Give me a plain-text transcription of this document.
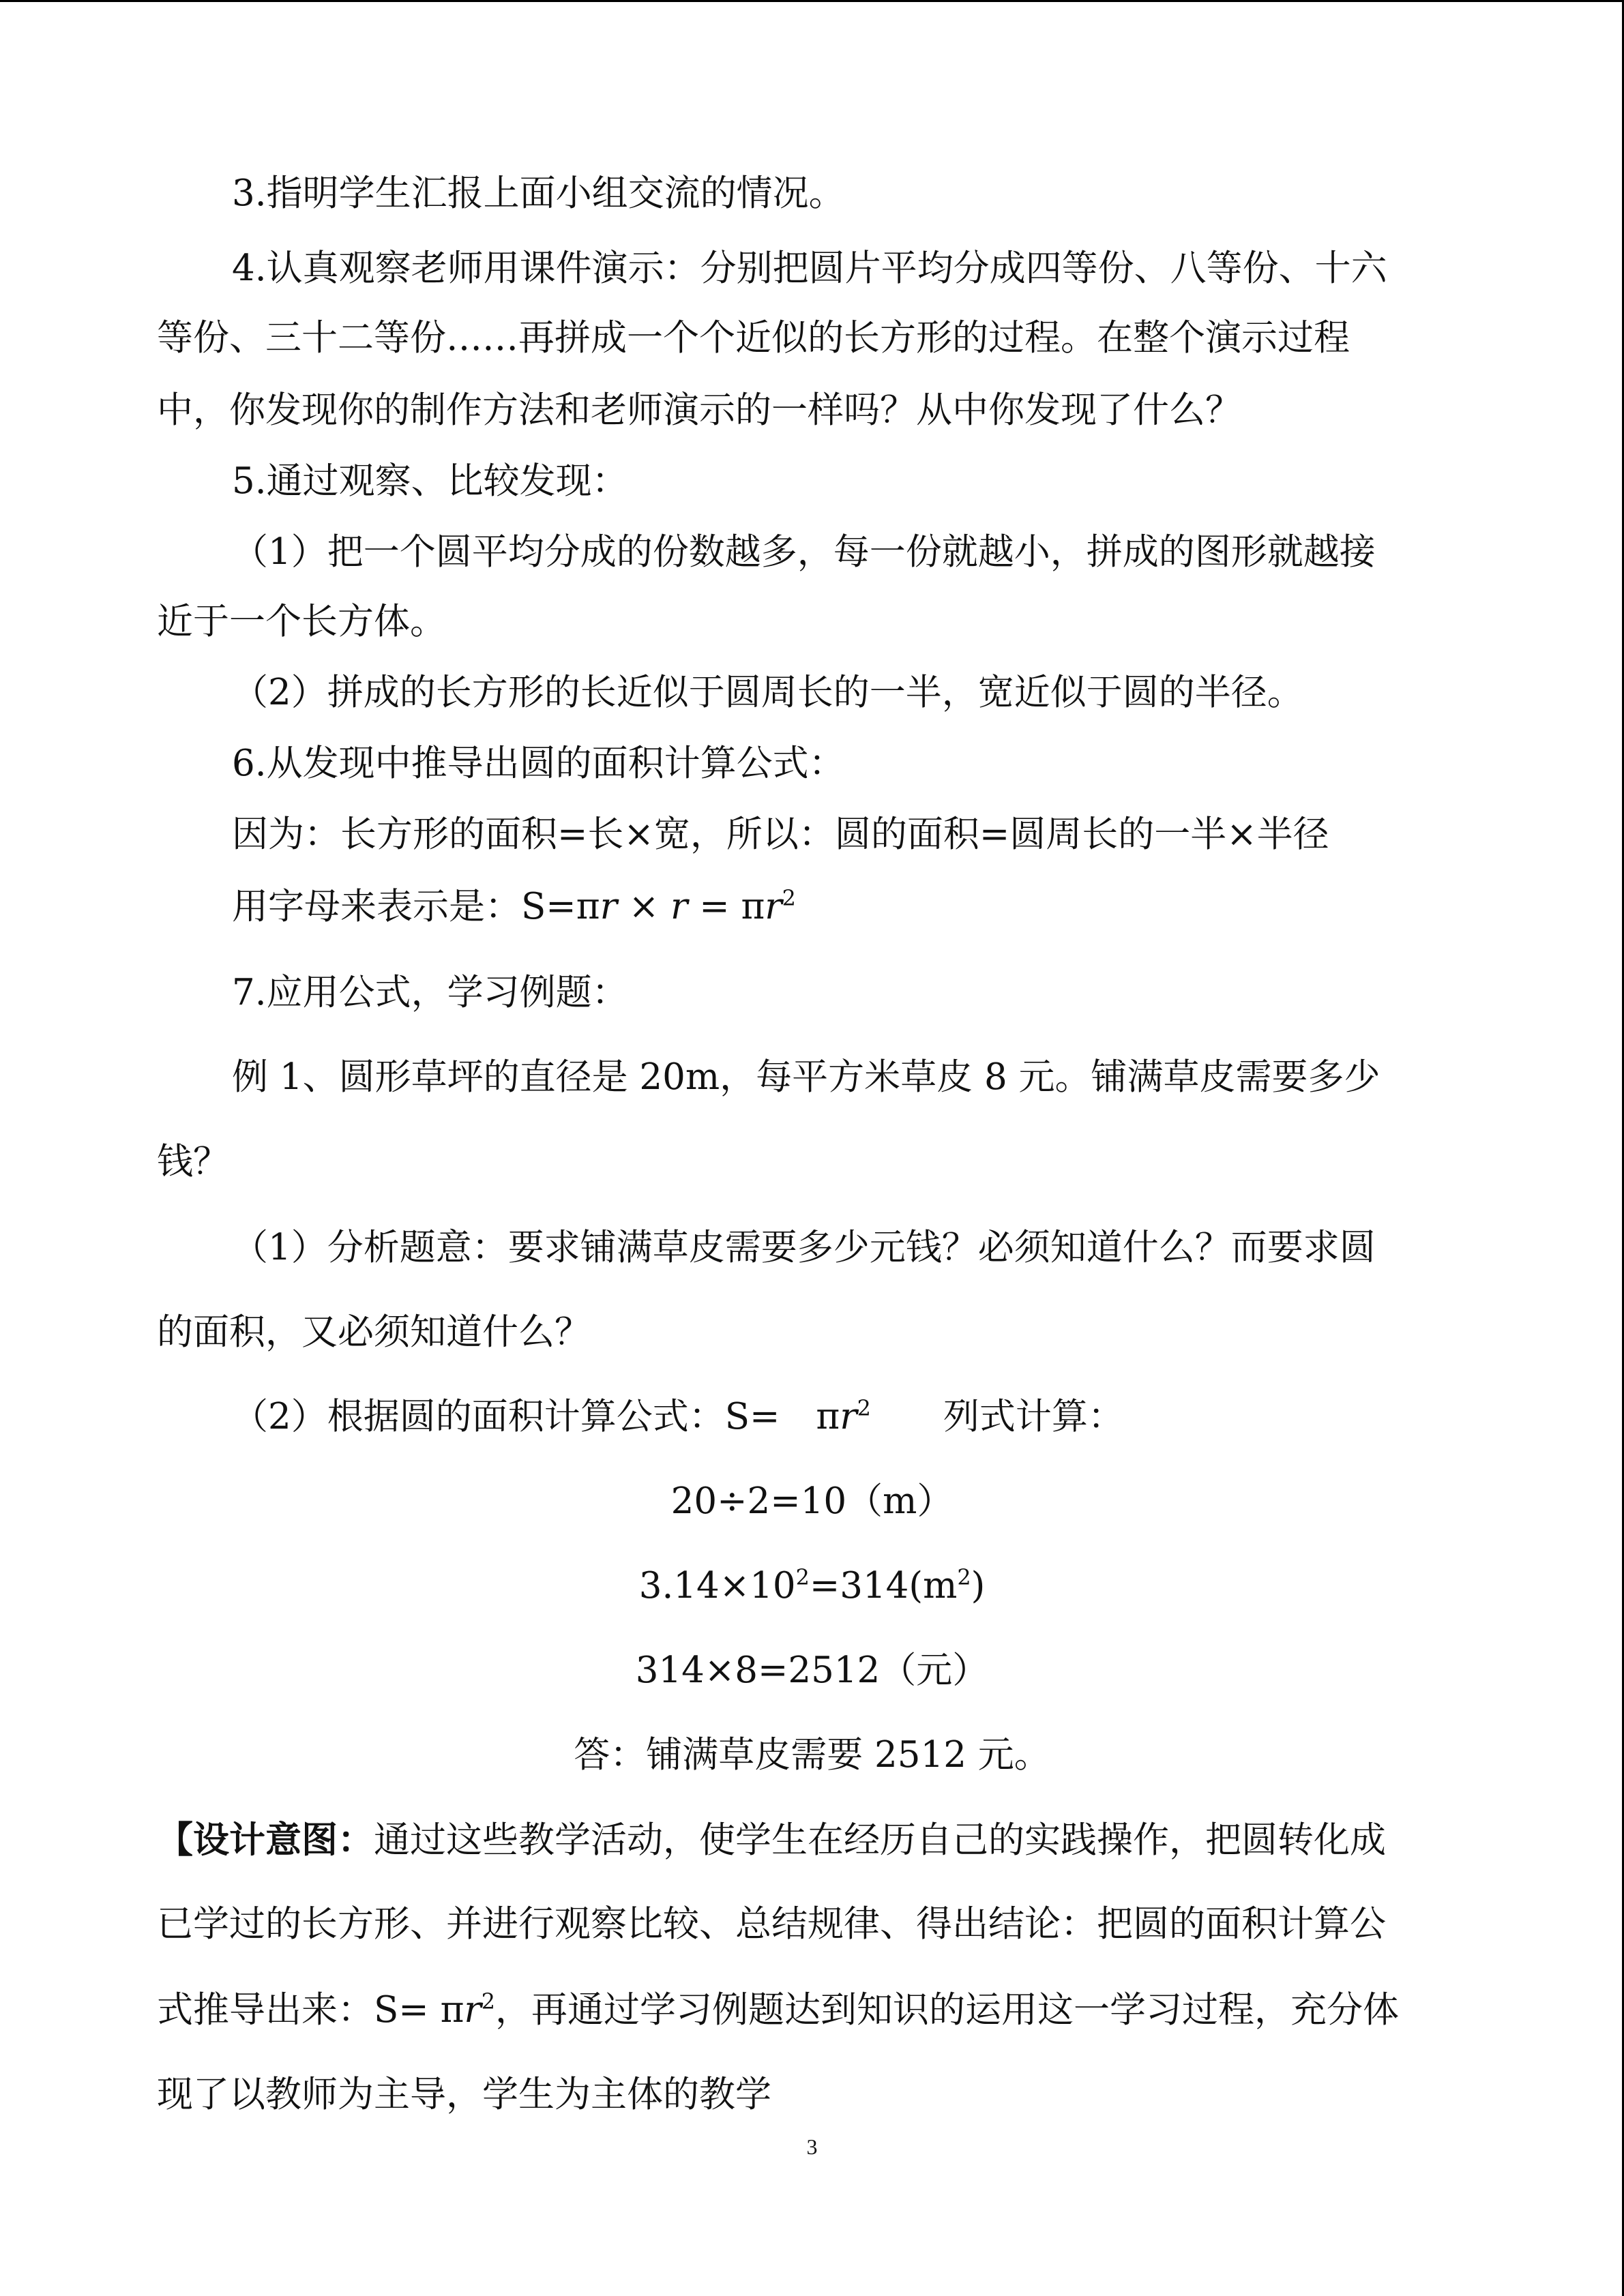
3.指明学生汇报上面小组交流的情况。
4.认真观察老师用课件演示：分别把圆片平均分成四等份、八等份、十六
等份、三十二等份……再拼成一个个近似的长方形的过程。在整个演示过程
中，你发现你的制作方法和老师演示的一样吗？从中你发现了什么？
5.通过观察、比较发现：
（1）把一个圆平均分成的份数越多，每一份就越小，拼成的图形就越接
近于一个长方体。
（2）拼成的长方形的长近似于圆周长的一半，宽近似于圆的半径。
6.从发现中推导出圆的面积计算公式：
因为：长方形的面积=长×宽，所以：圆的面积=圆周长的一半×半径
用字母来表示是：$S=\pi r \times r = \pi r^2$
7.应用公式，学习例题：
例 1、圆形草坪的直径是 20m，每平方米草皮 8 元。铺满草皮需要多少
钱？
（1）分析题意：要求铺满草皮需要多少元钱？必须知道什么？而要求圆
的面积，又必须知道什么？
（2）根据圆的面积计算公式：S=　$\pi r^2$　　列式计算：
20÷2=10（m）
$3.14\times 10^2=314(m^2)$
314×8=2512（元）
答：铺满草皮需要 2512 元。
【设计意图：通过这些教学活动，使学生在经历自己的实践操作，把圆转化成
已学过的长方形、并进行观察比较、总结规律、得出结论：把圆的面积计算公
式推导出来：$S= \pi r^2$，再通过学习例题达到知识的运用这一学习过程，充分体
现了以教师为主导，学生为主体的教学
3
